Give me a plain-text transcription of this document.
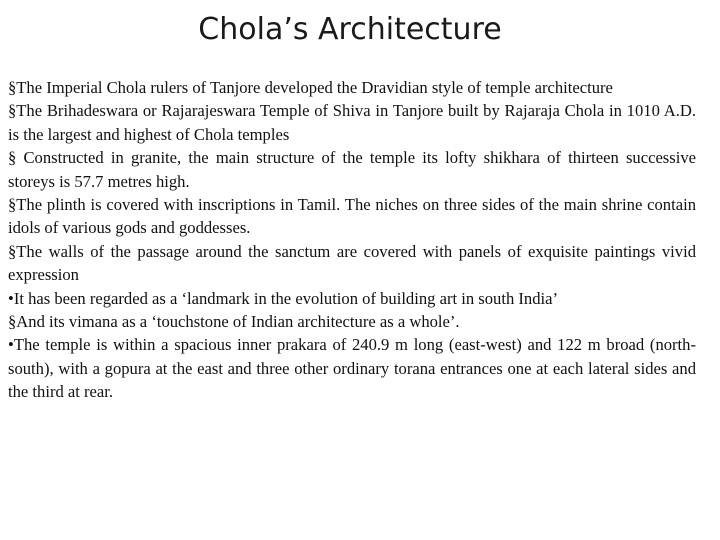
Chola’s Architecture

§The Imperial Chola rulers of Tanjore developed the Dravidian style of temple architecture

§The Brihadeswara or Rajarajeswara Temple of Shiva in Tanjore built by Rajaraja Chola in 1010 A.D. is the largest and highest of Chola temples

§ Constructed in granite, the main structure of the temple its lofty shikhara of thirteen successive storeys is 57.7 metres high.

§The plinth is covered with inscriptions in Tamil. The niches on three sides of the main shrine contain idols of various gods and goddesses.

§The walls of the passage around the sanctum are covered with panels of exquisite paintings vivid expression

•It has been regarded as a ‘landmark in the evolution of building art in south India’

§And its vimana as a ‘touchstone of Indian architecture as a whole’.

•The temple is within a spacious inner prakara of 240.9 m long (east-west) and 122 m broad (north-south), with a gopura at the east and three other ordinary torana entrances one at each lateral sides and the third at rear.
